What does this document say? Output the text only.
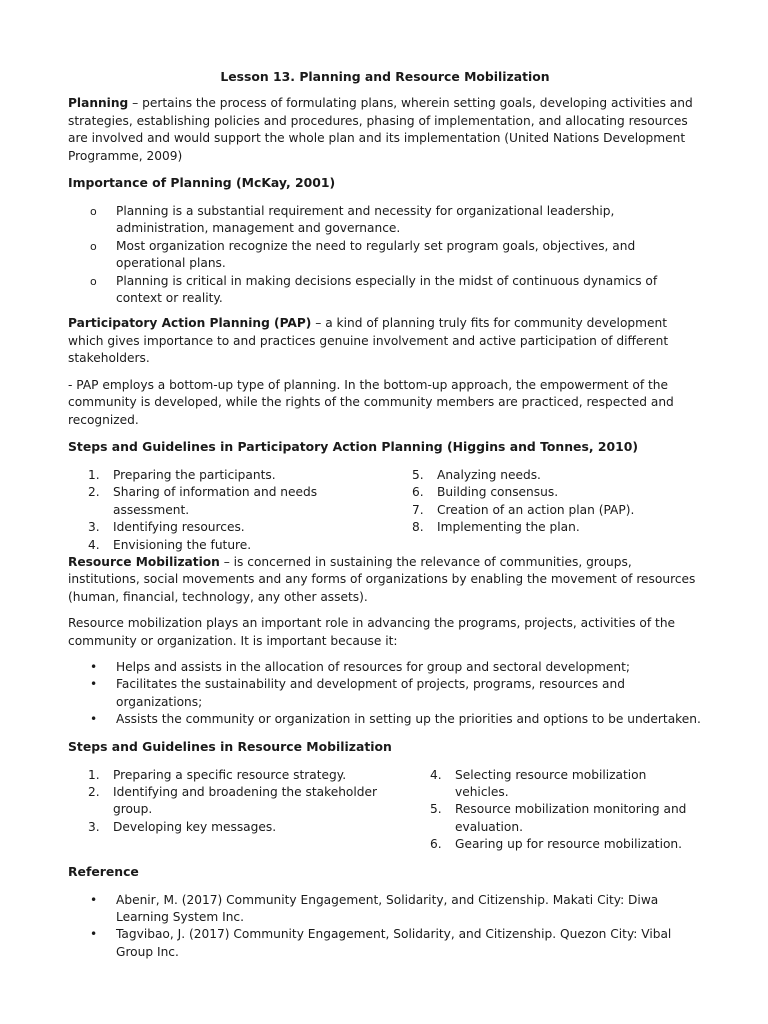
Lesson 13. Planning and Resource Mobilization

Planning – pertains the process of formulating plans, wherein setting goals, developing activities and strategies, establishing policies and procedures, phasing of implementation, and allocating resources are involved and would support the whole plan and its implementation (United Nations Development Programme, 2009)

Importance of Planning (McKay, 2001)
o Planning is a substantial requirement and necessity for organizational leadership, administration, management and governance.
o Most organization recognize the need to regularly set program goals, objectives, and operational plans.
o Planning is critical in making decisions especially in the midst of continuous dynamics of context or reality.

Participatory Action Planning (PAP) – a kind of planning truly fits for community development which gives importance to and practices genuine involvement and active participation of different stakeholders.

- PAP employs a bottom-up type of planning. In the bottom-up approach, the empowerment of the community is developed, while the rights of the community members are practiced, respected and recognized.

Steps and Guidelines in Participatory Action Planning (Higgins and Tonnes, 2010)
1. Preparing the participants.
2. Sharing of information and needs assessment.
3. Identifying resources.
4. Envisioning the future.
5. Analyzing needs.
6. Building consensus.
7. Creation of an action plan (PAP).
8. Implementing the plan.

Resource Mobilization – is concerned in sustaining the relevance of communities, groups, institutions, social movements and any forms of organizations by enabling the movement of resources (human, financial, technology, any other assets).

Resource mobilization plays an important role in advancing the programs, projects, activities of the community or organization. It is important because it:

• Helps and assists in the allocation of resources for group and sectoral development;
• Facilitates the sustainability and development of projects, programs, resources and organizations;
• Assists the community or organization in setting up the priorities and options to be undertaken.
Steps and Guidelines in Resource Mobilization
1. Preparing a specific resource strategy.
2. Identifying and broadening the stakeholder group.
3. Developing key messages.
4. Selecting resource mobilization vehicles.
5. Resource mobilization monitoring and evaluation.
6. Gearing up for resource mobilization.
Reference
• Abenir, M. (2017) Community Engagement, Solidarity, and Citizenship. Makati City: Diwa Learning System Inc.
• Tagvibao, J. (2017) Community Engagement, Solidarity, and Citizenship. Quezon City: Vibal Group Inc.
